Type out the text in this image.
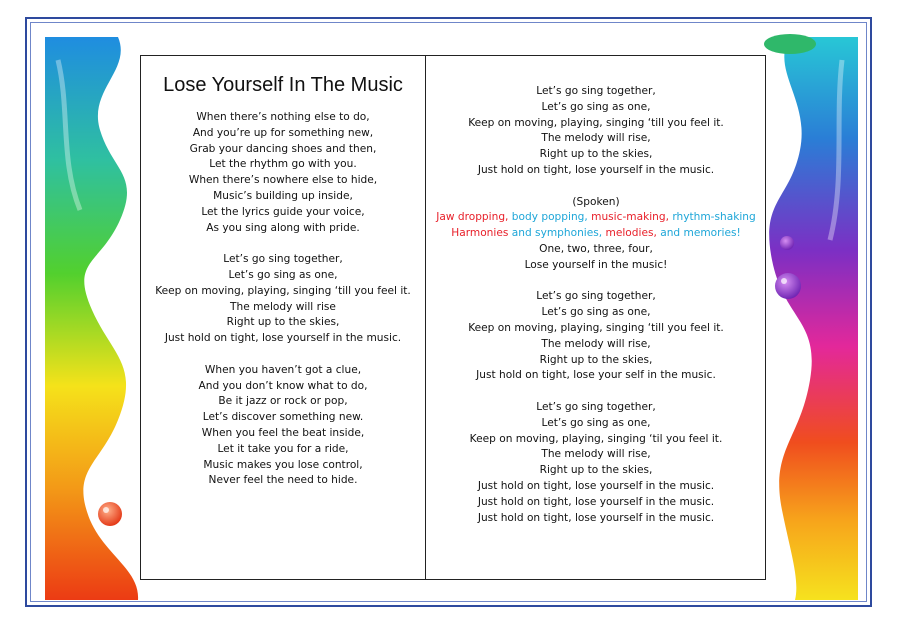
Lose Yourself In The Music
When there’s nothing else to do,
And you’re up for something new,
Grab your dancing shoes and then,
Let the rhythm go with you.
When there’s nowhere else to hide,
Music’s building up inside,
Let the lyrics guide your voice,
As you sing along with pride.
Let’s go sing together,
Let’s go sing as one,
Keep on moving, playing, singing ‘till you feel it.
The melody will rise
Right up to the skies,
Just hold on tight, lose yourself in the music.
When you haven’t got a clue,
And you don’t know what to do,
Be it jazz or rock or pop,
Let’s discover something new.
When you feel the beat inside,
Let it take you for a ride,
Music makes you lose control,
Never feel the need to hide.
Let’s go sing together,
Let’s go sing as one,
Keep on moving, playing, singing ‘till you feel it.
The melody will rise,
Right up to the skies,
Just hold on tight, lose yourself in the music.
(Spoken)
Jaw dropping, body popping, music-making, rhythm-shaking
Harmonies and symphonies, melodies, and memories!
One, two, three, four,
Lose yourself in the music!
Let’s go sing together,
Let’s go sing as one,
Keep on moving, playing, singing ‘till you feel it.
The melody will rise,
Right up to the skies,
Just hold on tight, lose your self in the music.
Let’s go sing together,
Let’s go sing as one,
Keep on moving, playing, singing ‘til you feel it.
The melody will rise,
Right up to the skies,
Just hold on tight, lose yourself in the music.
Just hold on tight, lose yourself in the music.
Just hold on tight, lose yourself in the music.
